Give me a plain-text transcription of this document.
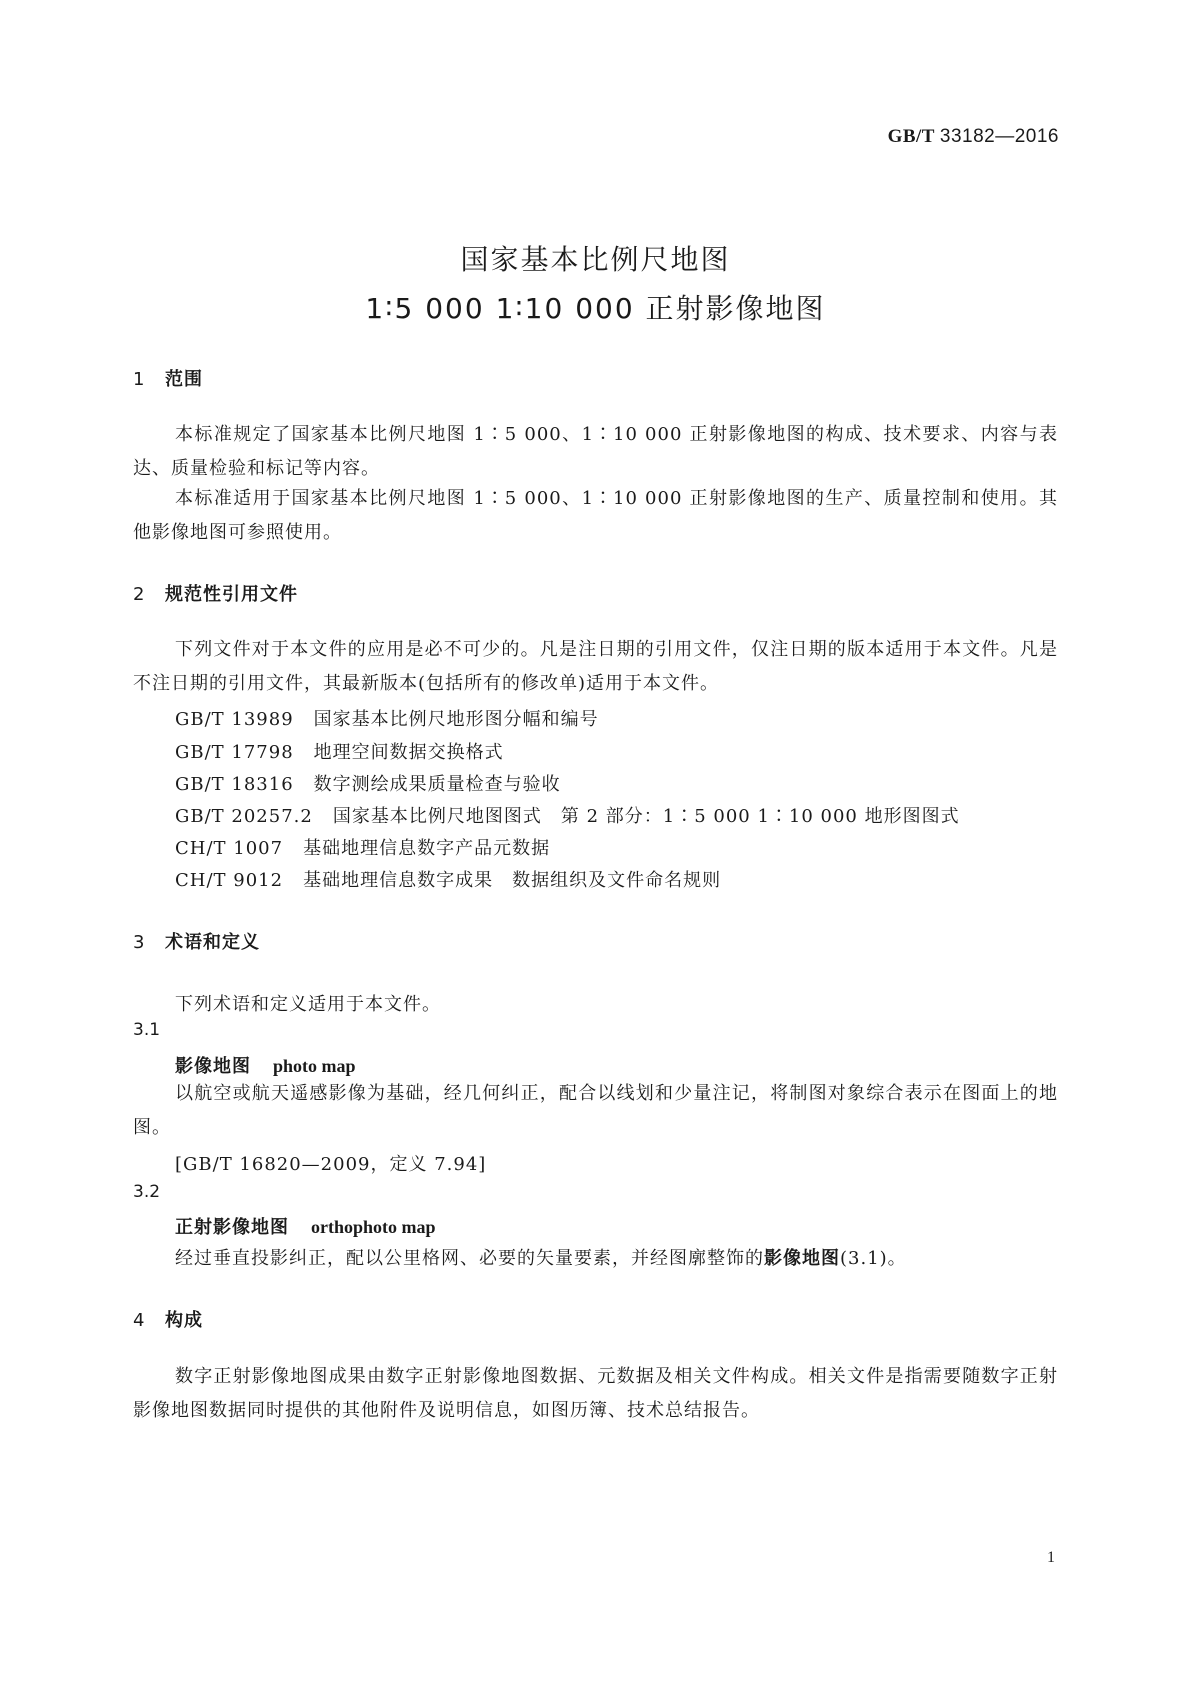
GB/T 33182—2016
国家基本比例尺地图
1∶5 000 1∶10 000 正射影像地图
1 范围
本标准规定了国家基本比例尺地图 1∶5 000、1∶10 000 正射影像地图的构成、技术要求、内容与表达、质量检验和标记等内容。
本标准适用于国家基本比例尺地图 1∶5 000、1∶10 000 正射影像地图的生产、质量控制和使用。其他影像地图可参照使用。
2 规范性引用文件
下列文件对于本文件的应用是必不可少的。凡是注日期的引用文件，仅注日期的版本适用于本文件。凡是不注日期的引用文件，其最新版本(包括所有的修改单)适用于本文件。
GB/T 13989 国家基本比例尺地形图分幅和编号
GB/T 17798 地理空间数据交换格式
GB/T 18316 数字测绘成果质量检查与验收
GB/T 20257.2 国家基本比例尺地图图式　第 2 部分：1∶5 000 1∶10 000 地形图图式
CH/T 1007 基础地理信息数字产品元数据
CH/T 9012 基础地理信息数字成果　数据组织及文件命名规则
3 术语和定义
下列术语和定义适用于本文件。
3.1
影像地图 photo map
以航空或航天遥感影像为基础，经几何纠正，配合以线划和少量注记，将制图对象综合表示在图面上的地图。
[GB/T 16820—2009，定义 7.94]
3.2
正射影像地图 orthophoto map
经过垂直投影纠正，配以公里格网、必要的矢量要素，并经图廓整饰的影像地图(3.1)。
4 构成
数字正射影像地图成果由数字正射影像地图数据、元数据及相关文件构成。相关文件是指需要随数字正射影像地图数据同时提供的其他附件及说明信息，如图历簿、技术总结报告。
1
